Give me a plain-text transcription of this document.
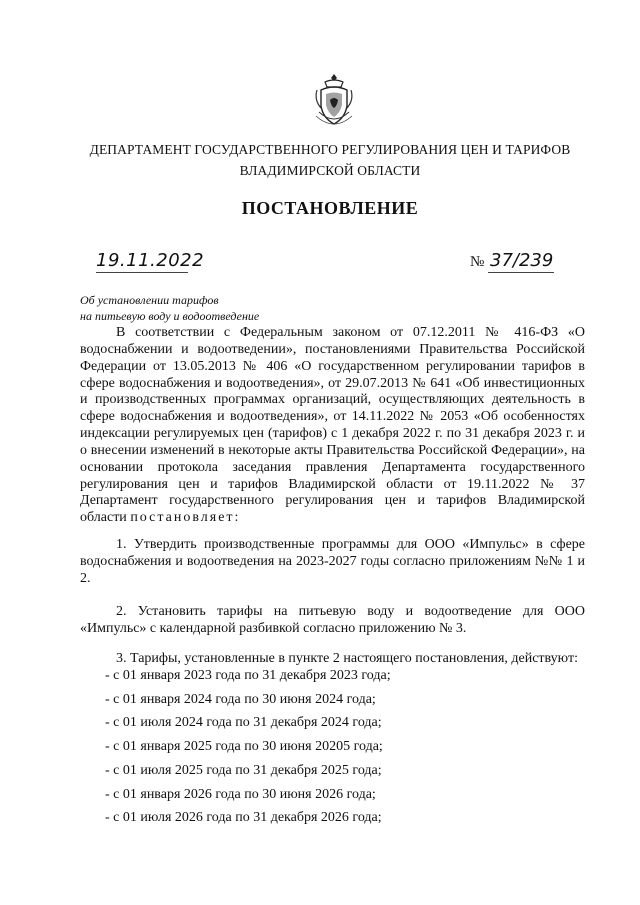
ДЕПАРТАМЕНТ ГОСУДАРСТВЕННОГО РЕГУЛИРОВАНИЯ ЦЕН И ТАРИФОВ
ВЛАДИМИРСКОЙ ОБЛАСТИ
ПОСТАНОВЛЕНИЕ
19.11.2022	№ 37/239
Об установлении тарифов
на питьевую воду и водоотведение

В соответствии с Федеральным законом от 07.12.2011 № 416-ФЗ «О водоснабжении и водоотведении», постановлениями Правительства Российской Федерации от 13.05.2013 № 406 «О государственном регулировании тарифов в сфере водоснабжения и водоотведения», от 29.07.2013 № 641 «Об инвестиционных и производственных программах организаций, осуществляющих деятельность в сфере водоснабжения и водоотведения», от 14.11.2022 № 2053 «Об особенностях индексации регулируемых цен (тарифов) с 1 декабря 2022 г. по 31 декабря 2023 г. и о внесении изменений в некоторые акты Правительства Российской Федерации», на основании протокола заседания правления Департамента государственного регулирования цен и тарифов Владимирской области от 19.11.2022 № 37 Департамент государственного регулирования цен и тарифов Владимирской области постановляет:

1. Утвердить производственные программы для ООО «Импульс» в сфере водоснабжения и водоотведения на 2023-2027 годы согласно приложениям №№ 1 и 2.

2. Установить тарифы на питьевую воду и водоотведение для ООО «Импульс» с календарной разбивкой согласно приложению № 3.

3. Тарифы, установленные в пункте 2 настоящего постановления, действуют:

- с 01 января 2023 года по 31 декабря 2023 года;
- с 01 января 2024 года по 30 июня 2024 года;
- с 01 июля 2024 года по 31 декабря 2024 года;
- с 01 января 2025 года по 30 июня 20205 года;
- с 01 июля 2025 года по 31 декабря 2025 года;
- с 01 января 2026 года по 30 июня 2026 года;
- с 01 июля 2026 года по 31 декабря 2026 года;
